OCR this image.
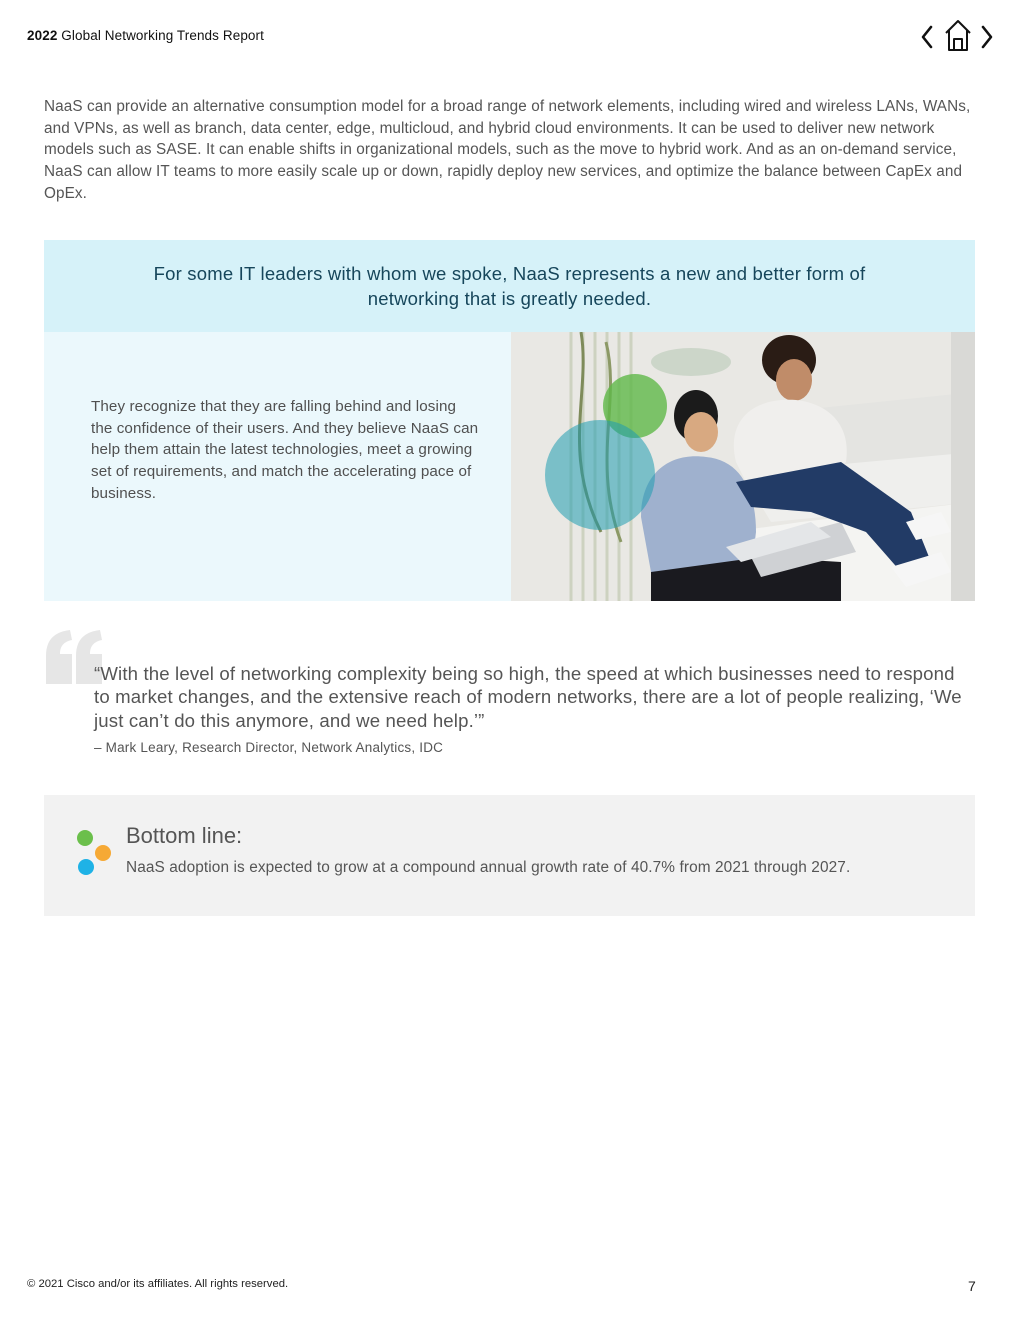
2022 Global Networking Trends Report

NaaS can provide an alternative consumption model for a broad range of network elements, including wired and wireless LANs, WANs, and VPNs, as well as branch, data center, edge, multicloud, and hybrid cloud environments. It can be used to deliver new network models such as SASE. It can enable shifts in organizational models, such as the move to hybrid work. And as an on-demand service, NaaS can allow IT teams to more easily scale up or down, rapidly deploy new services, and optimize the balance between CapEx and OpEx.

For some IT leaders with whom we spoke, NaaS represents a new and better form of networking that is greatly needed.

They recognize that they are falling behind and losing the confidence of their users. And they believe NaaS can help them attain the latest technologies, meet a growing set of requirements, and match the accelerating pace of business.

“With the level of networking complexity being so high, the speed at which businesses need to respond to market changes, and the extensive reach of modern networks, there are a lot of people realizing, ‘We just can’t do this anymore, and we need help.’”

– Mark Leary, Research Director, Network Analytics, IDC

Bottom line:

NaaS adoption is expected to grow at a compound annual growth rate of 40.7% from 2021 through 2027.

© 2021 Cisco and/or its affiliates. All rights reserved.	7
